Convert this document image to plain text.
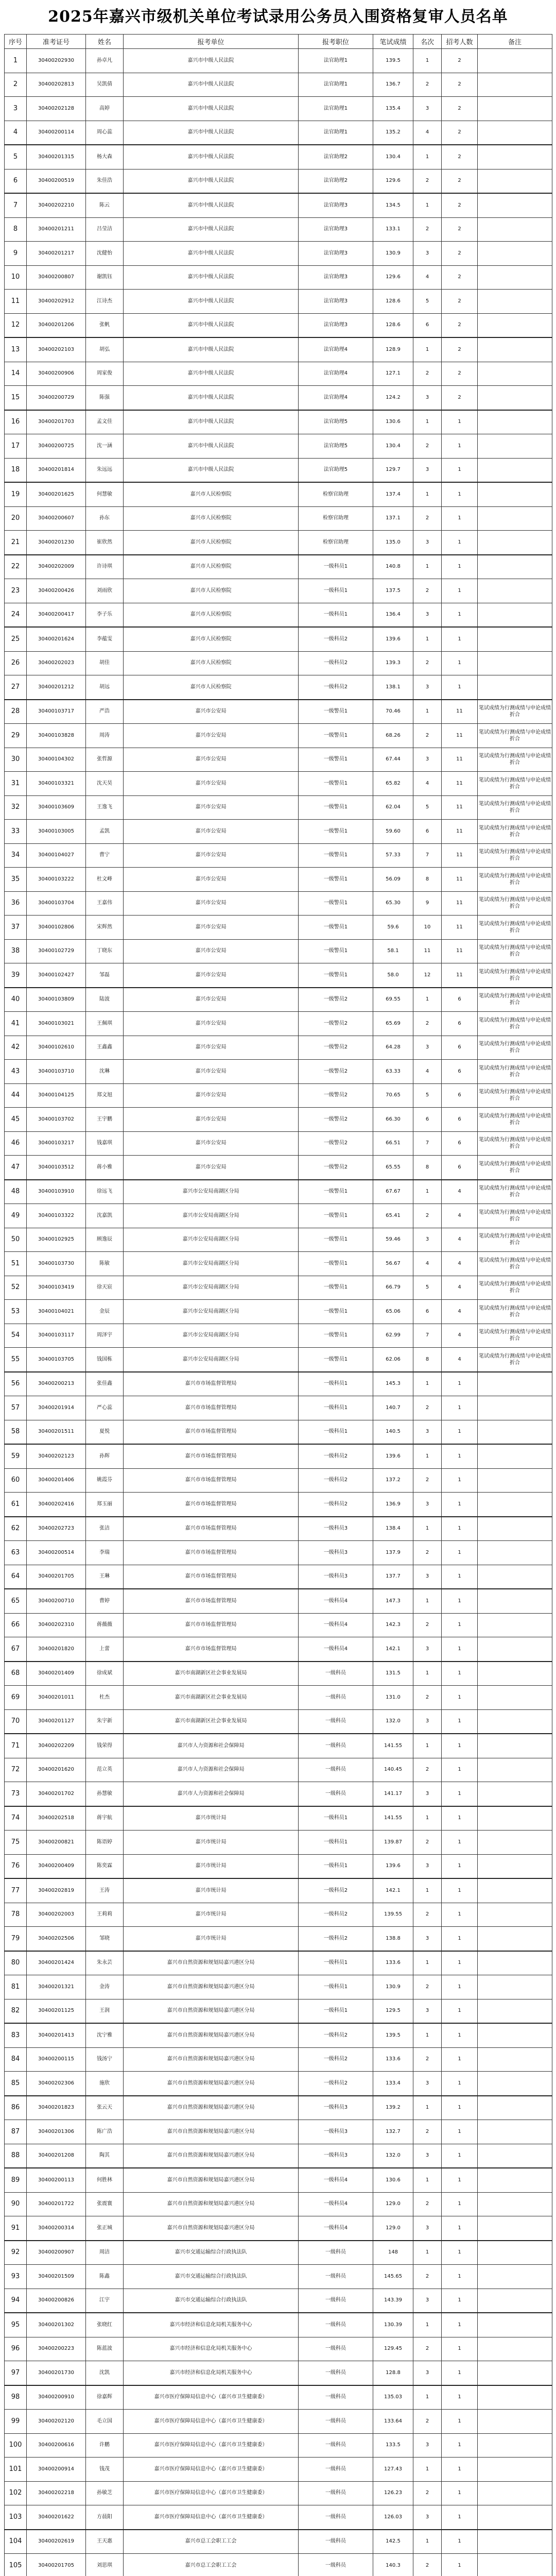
2025年嘉兴市级机关单位考试录用公务员入围资格复审人员名单
序号	准考证号	姓名	报考单位	报考职位	笔试成绩	名次	招考人数	备注
1	30400202930	孙卓凡	嘉兴市中级人民法院	法官助理1	139.5	1	2	
2	30400202813	吴凯倩	嘉兴市中级人民法院	法官助理1	136.7	2	2	
3	30400202128	高婷	嘉兴市中级人民法院	法官助理1	135.4	3	2	
4	30400200114	周心蕊	嘉兴市中级人民法院	法官助理1	135.2	4	2	
5	30400201315	杨大森	嘉兴市中级人民法院	法官助理2	130.4	1	2	
6	30400200519	朱佳浩	嘉兴市中级人民法院	法官助理2	129.6	2	2	
7	30400202210	陈云	嘉兴市中级人民法院	法官助理3	134.5	1	2	
8	30400201211	吕莹洁	嘉兴市中级人民法院	法官助理3	133.1	2	2	
9	30400201217	沈健怡	嘉兴市中级人民法院	法官助理3	130.9	3	2	
10	30400200807	谢凯钰	嘉兴市中级人民法院	法官助理3	129.6	4	2	
11	30400202912	江诗杰	嘉兴市中级人民法院	法官助理3	128.6	5	2	
12	30400201206	张帆	嘉兴市中级人民法院	法官助理3	128.6	6	2	
13	30400202103	胡弘	嘉兴市中级人民法院	法官助理4	128.9	1	2	
14	30400200906	周家俊	嘉兴市中级人民法院	法官助理4	127.1	2	2	
15	30400200729	陈强	嘉兴市中级人民法院	法官助理4	124.2	3	2	
16	30400201703	孟文佳	嘉兴市中级人民法院	法官助理5	130.6	1	1	
17	30400200725	沈一涵	嘉兴市中级人民法院	法官助理5	130.4	2	1	
18	30400201814	朱远远	嘉兴市中级人民法院	法官助理5	129.7	3	1	
19	30400201625	何慧敏	嘉兴市人民检察院	检察官助理	137.4	1	1	
20	30400200607	孙东	嘉兴市人民检察院	检察官助理	137.1	2	1	
21	30400201230	崔欣然	嘉兴市人民检察院	检察官助理	135.0	3	1	
22	30400202009	许诗琪	嘉兴市人民检察院	一级科员1	140.8	1	1	
23	30400200426	刘雨欣	嘉兴市人民检察院	一级科员1	137.5	2	1	
24	30400200417	李子乐	嘉兴市人民检察院	一级科员1	136.4	3	1	
25	30400201624	李蕴雯	嘉兴市人民检察院	一级科员2	139.6	1	1	
26	30400202023	胡佳	嘉兴市人民检察院	一级科员2	139.3	2	1	
27	30400201212	胡远	嘉兴市人民检察院	一级科员2	138.1	3	1	
28	30400103717	严浩	嘉兴市公安局	一级警员1	70.46	1	11	笔试成绩为行测成绩与申论成绩折合
29	30400103828	周涛	嘉兴市公安局	一级警员1	68.26	2	11	笔试成绩为行测成绩与申论成绩折合
30	30400104302	张哲源	嘉兴市公安局	一级警员1	67.44	3	11	笔试成绩为行测成绩与申论成绩折合
31	30400103321	沈天昊	嘉兴市公安局	一级警员1	65.82	4	11	笔试成绩为行测成绩与申论成绩折合
32	30400103609	王逸飞	嘉兴市公安局	一级警员1	62.04	5	11	笔试成绩为行测成绩与申论成绩折合
33	30400103005	孟凯	嘉兴市公安局	一级警员1	59.60	6	11	笔试成绩为行测成绩与申论成绩折合
34	30400104027	曹宁	嘉兴市公安局	一级警员1	57.33	7	11	笔试成绩为行测成绩与申论成绩折合
35	30400103222	杜文峰	嘉兴市公安局	一级警员1	56.09	8	11	笔试成绩为行测成绩与申论成绩折合
36	30400103704	王嘉伟	嘉兴市公安局	一级警员1	65.30	9	11	笔试成绩为行测成绩与申论成绩折合
37	30400102806	宋辉然	嘉兴市公安局	一级警员1	59.6	10	11	笔试成绩为行测成绩与申论成绩折合
38	30400102729	丁晓东	嘉兴市公安局	一级警员1	58.1	11	11	笔试成绩为行测成绩与申论成绩折合
39	30400102427	邹磊	嘉兴市公安局	一级警员1	58.0	12	11	笔试成绩为行测成绩与申论成绩折合
40	30400103809	陆波	嘉兴市公安局	一级警员2	69.55	1	6	笔试成绩为行测成绩与申论成绩折合
41	30400103021	王佩琪	嘉兴市公安局	一级警员2	65.69	2	6	笔试成绩为行测成绩与申论成绩折合
42	30400102610	王鑫鑫	嘉兴市公安局	一级警员2	64.28	3	6	笔试成绩为行测成绩与申论成绩折合
43	30400103710	沈琳	嘉兴市公安局	一级警员2	63.33	4	6	笔试成绩为行测成绩与申论成绩折合
44	30400104125	郑文旭	嘉兴市公安局	一级警员2	70.65	5	6	笔试成绩为行测成绩与申论成绩折合
45	30400103702	王宇鹏	嘉兴市公安局	一级警员2	66.30	6	6	笔试成绩为行测成绩与申论成绩折合
46	30400103217	钱嘉琪	嘉兴市公安局	一级警员2	66.51	7	6	笔试成绩为行测成绩与申论成绩折合
47	30400103512	蒋小雅	嘉兴市公安局	一级警员2	65.55	8	6	笔试成绩为行测成绩与申论成绩折合
48	30400103910	徐远飞	嘉兴市公安局南湖区分局	一级警员1	67.67	1	4	笔试成绩为行测成绩与申论成绩折合
49	30400103322	沈嘉凯	嘉兴市公安局南湖区分局	一级警员1	65.41	2	4	笔试成绩为行测成绩与申论成绩折合
50	30400102925	顾逸辰	嘉兴市公安局南湖区分局	一级警员1	59.46	3	4	笔试成绩为行测成绩与申论成绩折合
51	30400103730	陈敏	嘉兴市公安局南湖区分局	一级警员1	56.67	4	4	笔试成绩为行测成绩与申论成绩折合
52	30400103419	徐天宸	嘉兴市公安局南湖区分局	一级警员1	66.79	5	4	笔试成绩为行测成绩与申论成绩折合
53	30400104021	金辰	嘉兴市公安局南湖区分局	一级警员1	65.06	6	4	笔试成绩为行测成绩与申论成绩折合
54	30400103117	周泽宇	嘉兴市公安局南湖区分局	一级警员1	62.99	7	4	笔试成绩为行测成绩与申论成绩折合
55	30400103705	钱国栋	嘉兴市公安局南湖区分局	一级警员1	62.06	8	4	笔试成绩为行测成绩与申论成绩折合
56	30400200213	张佳鑫	嘉兴市市场监督管理局	一级科员1	145.3	1	1	
57	30400201914	严心蕊	嘉兴市市场监督管理局	一级科员1	140.7	2	1	
58	30400201511	夏悦	嘉兴市市场监督管理局	一级科员1	140.5	3	1	
59	30400202123	孙辉	嘉兴市市场监督管理局	一级科员2	139.6	1	1	
60	30400201406	姚霞芬	嘉兴市市场监督管理局	一级科员2	137.2	2	1	
61	30400202416	郑玉丽	嘉兴市市场监督管理局	一级科员2	136.9	3	1	
62	30400202723	张洁	嘉兴市市场监督管理局	一级科员3	138.4	1	1	
63	30400200514	李瑞	嘉兴市市场监督管理局	一级科员3	137.9	2	1	
64	30400201705	王琳	嘉兴市市场监督管理局	一级科员3	137.7	3	1	
65	30400200710	曹婷	嘉兴市市场监督管理局	一级科员4	147.3	1	1	
66	30400202310	蒋薇薇	嘉兴市市场监督管理局	一级科员4	142.3	2	1	
67	30400201820	上蕾	嘉兴市市场监督管理局	一级科员4	142.1	3	1	
68	30400201409	徐成斌	嘉兴市南湖新区社会事业发展局	一级科员	131.5	1	1	
69	30400201011	杜杰	嘉兴市南湖新区社会事业发展局	一级科员	131.0	2	1	
70	30400201127	朱宇新	嘉兴市南湖新区社会事业发展局	一级科员	132.0	3	1	
71	30400202209	钱荣得	嘉兴市人力资源和社会保障局	一级科员	141.55	1	1	
72	30400201620	范立英	嘉兴市人力资源和社会保障局	一级科员	140.45	2	1	
73	30400201702	孙慧敏	嘉兴市人力资源和社会保障局	一级科员	141.17	3	1	
74	30400202518	蒋宇航	嘉兴市统计局	一级科员1	141.55	1	1	
75	30400200821	陈语婷	嘉兴市统计局	一级科员1	139.87	2	1	
76	30400200409	陈奕霖	嘉兴市统计局	一级科员1	139.6	3	1	
77	30400202819	王涛	嘉兴市统计局	一级科员2	142.1	1	1	
78	30400202003	王莉莉	嘉兴市统计局	一级科员2	139.55	2	1	
79	30400202506	邹晓	嘉兴市统计局	一级科员2	138.8	3	1	
80	30400201424	朱永芸	嘉兴市自然资源和规划局嘉兴港区分局	一级科员1	133.6	1	1	
81	30400201321	金涛	嘉兴市自然资源和规划局嘉兴港区分局	一级科员1	130.9	2	1	
82	30400201125	王润	嘉兴市自然资源和规划局嘉兴港区分局	一级科员1	129.5	3	1	
83	30400201413	沈宁雅	嘉兴市自然资源和规划局嘉兴港区分局	一级科员2	139.5	1	1	
84	30400200115	钱汤宁	嘉兴市自然资源和规划局嘉兴港区分局	一级科员2	133.6	2	1	
85	30400202306	施欣	嘉兴市自然资源和规划局嘉兴港区分局	一级科员2	133.4	3	1	
86	30400201823	张云天	嘉兴市自然资源和规划局嘉兴港区分局	一级科员3	139.2	1	1	
87	30400201306	陈广浩	嘉兴市自然资源和规划局嘉兴港区分局	一级科员3	132.7	2	1	
88	30400201208	陶其	嘉兴市自然资源和规划局嘉兴港区分局	一级科员3	132.0	3	1	
89	30400200113	何胜林	嘉兴市自然资源和规划局嘉兴港区分局	一级科员4	130.6	1	1	
90	30400201722	张震寰	嘉兴市自然资源和规划局嘉兴港区分局	一级科员4	129.0	2	1	
91	30400200314	张正城	嘉兴市自然资源和规划局嘉兴港区分局	一级科员4	129.0	3	1	
92	30400200907	周洁	嘉兴市交通运输综合行政执法队	一级科员	148	1	1	
93	30400201509	陈鑫	嘉兴市交通运输综合行政执法队	一级科员	145.65	2	1	
94	30400200826	江宇	嘉兴市交通运输综合行政执法队	一级科员	143.39	3	1	
95	30400201302	张晓红	嘉兴市经济和信息化局机关服务中心	一级科员	130.39	1	1	
96	30400200223	陈蓝波	嘉兴市经济和信息化局机关服务中心	一级科员	129.45	2	1	
97	30400201730	沈凯	嘉兴市经济和信息化局机关服务中心	一级科员	128.8	3	1	
98	30400200910	徐嘉辉	嘉兴市医疗保障局信息中心（嘉兴市卫生健康委）	一级科员	135.03	1	1	
99	30400202120	毛立国	嘉兴市医疗保障局信息中心（嘉兴市卫生健康委）	一级科员	133.64	2	1	
100	30400200616	许鹏	嘉兴市医疗保障局信息中心（嘉兴市卫生健康委）	一级科员	133.5	3	1	
101	30400200914	钱茂	嘉兴市医疗保障局信息中心（嘉兴市卫生健康委）	一级科员	127.43	1	1	
102	30400202218	孙敏芝	嘉兴市医疗保障局信息中心（嘉兴市卫生健康委）	一级科员	126.23	2	1	
103	30400201622	方晨阳	嘉兴市医疗保障局信息中心（嘉兴市卫生健康委）	一级科员	126.03	3	1	
104	30400202619	王天惠	嘉兴市总工会职工工会	一级科员	142.5	1	1	
105	30400201705	刘思琪	嘉兴市总工会职工工会	一级科员	140.3	2	1	
